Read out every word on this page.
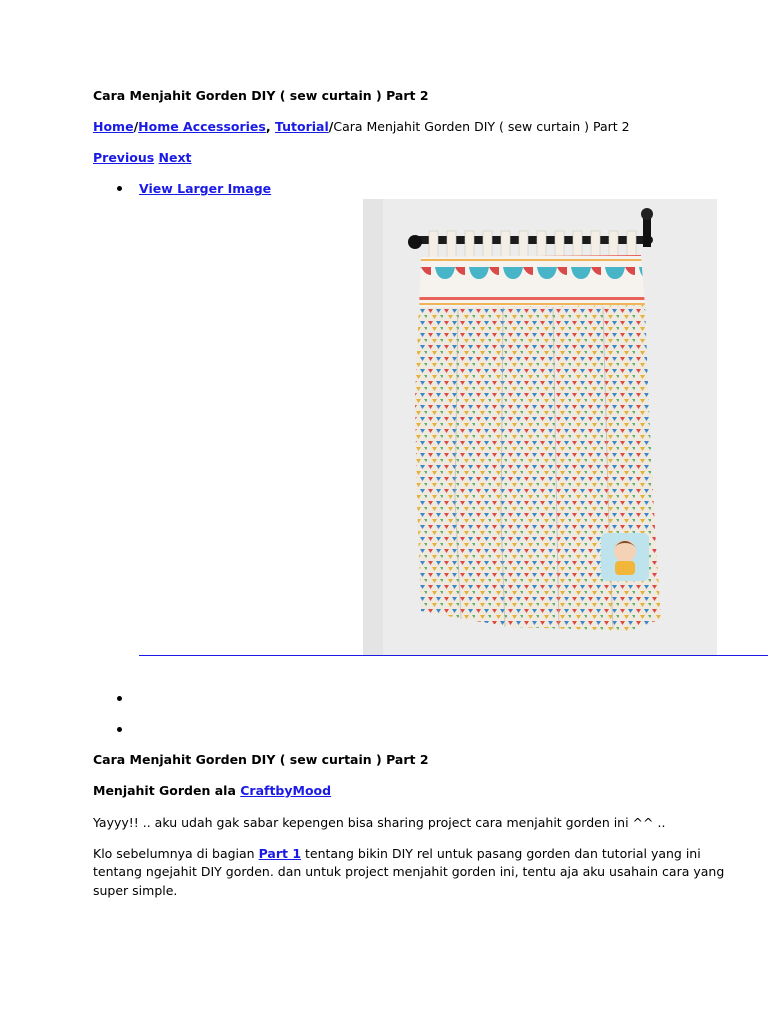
Cara Menjahit Gorden DIY ( sew curtain ) Part 2
Home/Home Accessories, Tutorial/Cara Menjahit Gorden DIY ( sew curtain ) Part 2
Previous Next
View Larger Image
Cara Menjahit Gorden DIY ( sew curtain ) Part 2
Menjahit Gorden ala CraftbyMood
Yayyy!! .. aku udah gak sabar kepengen bisa sharing project cara menjahit gorden ini ^^ ..
Klo sebelumnya di bagian Part 1 tentang bikin DIY rel untuk pasang gorden dan tutorial yang ini
tentang ngejahit DIY gorden. dan untuk project menjahit gorden ini, tentu aja aku usahain cara yang
super simple.
